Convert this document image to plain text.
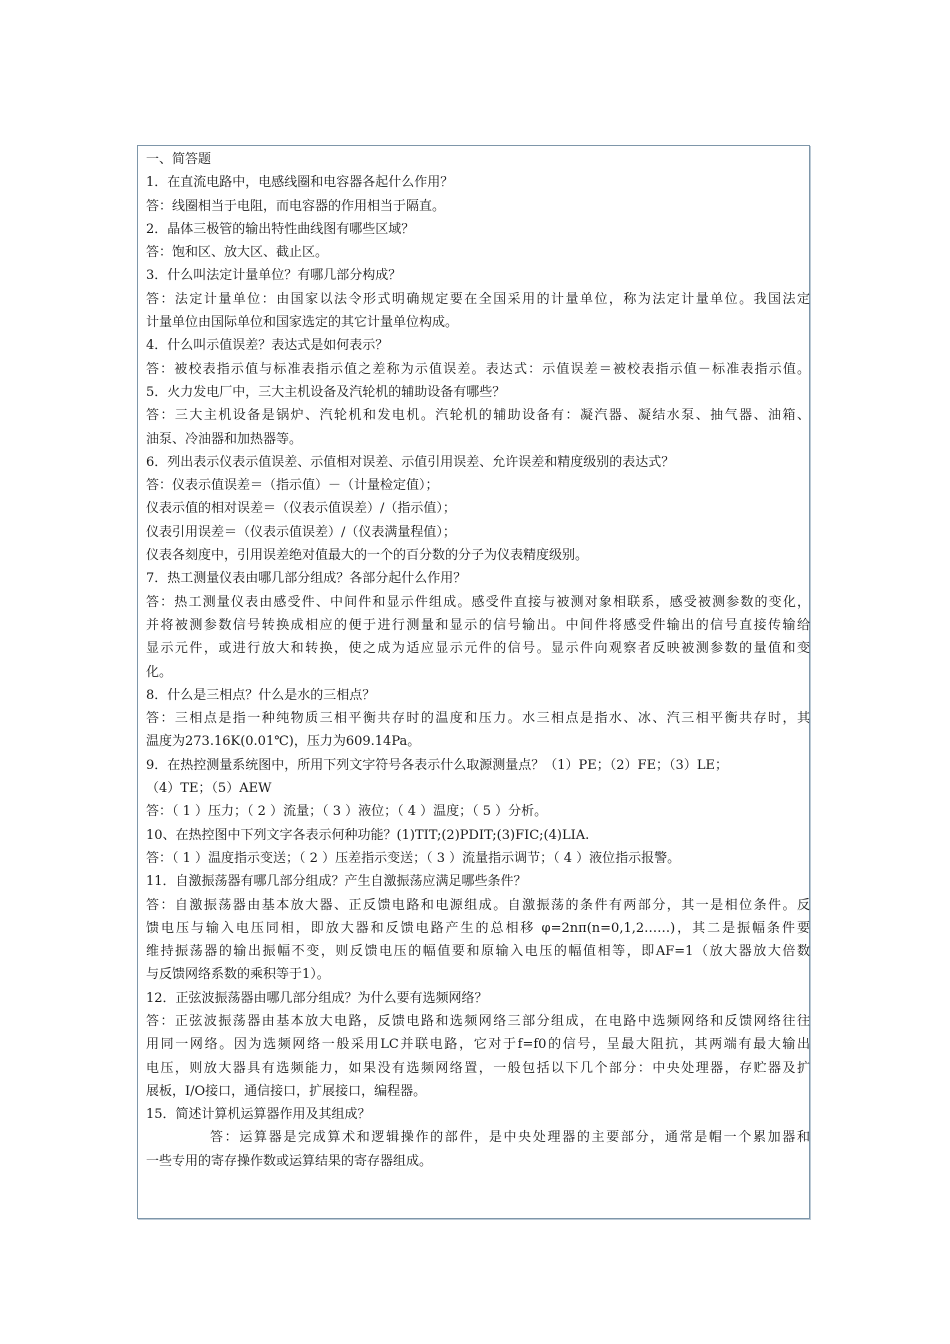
一、简答题
1．在直流电路中，电感线圈和电容器各起什么作用？
答：线圈相当于电阻，而电容器的作用相当于隔直。
2．晶体三极管的输出特性曲线图有哪些区域？
答：饱和区、放大区、截止区。
3．什么叫法定计量单位？有哪几部分构成？
答：法定计量单位：由国家以法令形式明确规定要在全国采用的计量单位，称为法定计量单位。我国法定
计量单位由国际单位和国家选定的其它计量单位构成。
4．什么叫示值误差？表达式是如何表示？
答：被校表指示值与标准表指示值之差称为示值误差。表达式：示值误差＝被校表指示值－标准表指示值。
5．火力发电厂中，三大主机设备及汽轮机的辅助设备有哪些？
答：三大主机设备是锅炉、汽轮机和发电机。汽轮机的辅助设备有：凝汽器、凝结水泵、抽气器、油箱、
油泵、冷油器和加热器等。
6．列出表示仪表示值误差、示值相对误差、示值引用误差、允许误差和精度级别的表达式？
答：仪表示值误差＝（指示值）－（计量检定值）；
仪表示值的相对误差＝（仪表示值误差）/（指示值）；
仪表引用误差＝（仪表示值误差）/（仪表满量程值）；
仪表各刻度中，引用误差绝对值最大的一个的百分数的分子为仪表精度级别。
7．热工测量仪表由哪几部分组成？各部分起什么作用？
答：热工测量仪表由感受件、中间件和显示件组成。感受件直接与被测对象相联系，感受被测参数的变化，
并将被测参数信号转换成相应的便于进行测量和显示的信号输出。中间件将感受件输出的信号直接传输给
显示元件，或进行放大和转换，使之成为适应显示元件的信号。显示件向观察者反映被测参数的量值和变
化。
8．什么是三相点？什么是水的三相点？
答：三相点是指一种纯物质三相平衡共存时的温度和压力。水三相点是指水、冰、汽三相平衡共存时，其
温度为273.16K(0.01℃)，压力为609.14Pa。
9．在热控测量系统图中，所用下列文字符号各表示什么取源测量点？（1）PE；（2）FE；（3）LE；
（4）TE；（5）AEW
答：（ 1 ）压力；（ 2 ）流量；（ 3 ）液位；（ 4 ）温度；（ 5 ）分析。
10、在热控图中下列文字各表示何种功能？(1)TIT;(2)PDIT;(3)FIC;(4)LIA.
答：（ 1 ）温度指示变送；（ 2 ）压差指示变送；（ 3 ）流量指示调节；（ 4 ）液位指示报警。
11．自激振荡器有哪几部分组成？产生自激振荡应满足哪些条件？
答：自激振荡器由基本放大器、正反馈电路和电源组成。自激振荡的条件有两部分，其一是相位条件。反
馈电压与输入电压同相，即放大器和反馈电路产生的总相移 φ=2nπ(n=0,1,2……)，其二是振幅条件要
维持振荡器的输出振幅不变，则反馈电压的幅值要和原输入电压的幅值相等，即AF=1（放大器放大倍数
与反馈网络系数的乘积等于1）。
12．正弦波振荡器由哪几部分组成？为什么要有选频网络？
答：正弦波振荡器由基本放大电路，反馈电路和选频网络三部分组成，在电路中选频网络和反馈网络往往
用同一网络。因为选频网络一般采用LC并联电路，它对于f=f0的信号，呈最大阻抗，其两端有最大输出
电压，则放大器具有选频能力，如果没有选频网络置，一般包括以下几个部分：中央处理器，存贮器及扩
展板，I/O接口，通信接口，扩展接口，编程器。
15．简述计算机运算器作用及其组成？
答：运算器是完成算术和逻辑操作的部件，是中央处理器的主要部分，通常是帽一个累加器和
一些专用的寄存操作数或运算结果的寄存器组成。
